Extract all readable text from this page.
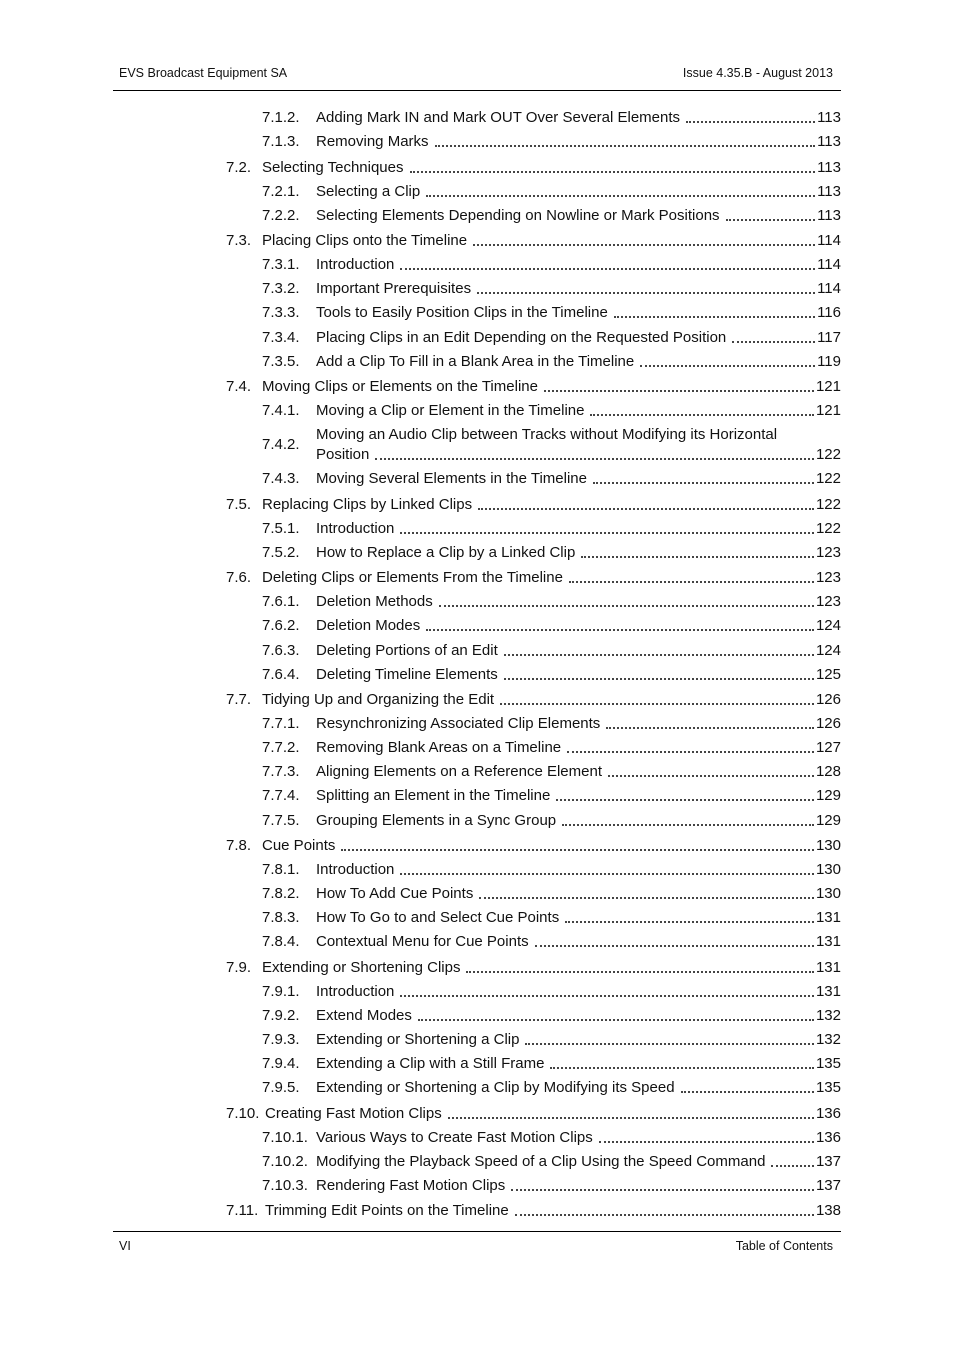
EVS Broadcast Equipment SA	Issue 4.35.B - August 2013
7.1.2. Adding Mark IN and Mark OUT Over Several Elements	113
7.1.3. Removing Marks	113
7.2. Selecting Techniques	113
7.2.1. Selecting a Clip	113
7.2.2. Selecting Elements Depending on Nowline or Mark Positions	113
7.3. Placing Clips onto the Timeline	114
7.3.1. Introduction	114
7.3.2. Important Prerequisites	114
7.3.3. Tools to Easily Position Clips in the Timeline	116
7.3.4. Placing Clips in an Edit Depending on the Requested Position	117
7.3.5. Add a Clip To Fill in a Blank Area in the Timeline	119
7.4. Moving Clips or Elements on the Timeline	121
7.4.1. Moving a Clip or Element in the Timeline	121
7.4.2.
Moving an Audio Clip between Tracks without Modifying its Horizontal
Position	122
7.4.3. Moving Several Elements in the Timeline	122
7.5. Replacing Clips by Linked Clips	122
7.5.1. Introduction	122
7.5.2. How to Replace a Clip by a Linked Clip	123
7.6. Deleting Clips or Elements From the Timeline	123
7.6.1. Deletion Methods	123
7.6.2. Deletion Modes	124
7.6.3. Deleting Portions of an Edit	124
7.6.4. Deleting Timeline Elements	125
7.7. Tidying Up and Organizing the Edit	126
7.7.1. Resynchronizing Associated Clip Elements	126
7.7.2. Removing Blank Areas on a Timeline	127
7.7.3. Aligning Elements on a Reference Element	128
7.7.4. Splitting an Element in the Timeline	129
7.7.5. Grouping Elements in a Sync Group	129
7.8. Cue Points	130
7.8.1. Introduction	130
7.8.2. How To Add Cue Points	130
7.8.3. How To Go to and Select Cue Points	131
7.8.4. Contextual Menu for Cue Points	131
7.9. Extending or Shortening Clips	131
7.9.1. Introduction	131
7.9.2. Extend Modes	132
7.9.3. Extending or Shortening a Clip	132
7.9.4. Extending a Clip with a Still Frame	135
7.9.5. Extending or Shortening a Clip by Modifying its Speed	135
7.10. Creating Fast Motion Clips	136
7.10.1. Various Ways to Create Fast Motion Clips	136
7.10.2. Modifying the Playback Speed of a Clip Using the Speed Command	137
7.10.3. Rendering Fast Motion Clips	137
7.11. Trimming Edit Points on the Timeline	138
VI	Table of Contents
